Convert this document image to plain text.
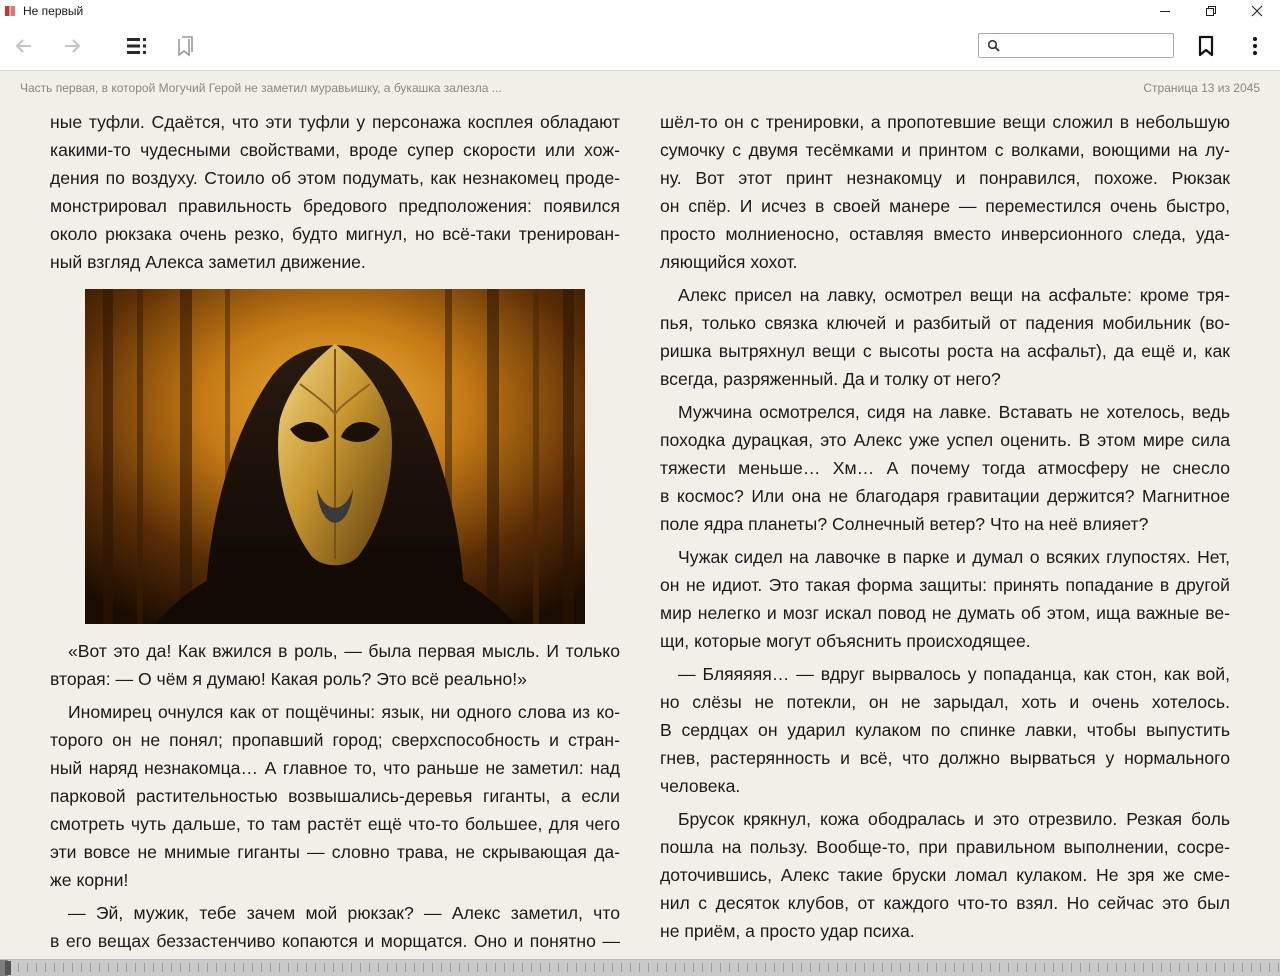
Не первый
Часть первая, в которой Могучий Герой не заметил муравьишку, а букашка залезла ...	Страница 13 из 2045
ные туфли. Сдаётся, что эти туфли у персонажа косплея обладают
какими-то чудесными свойствами, вроде супер скорости или хож-
дения по воздуху. Стоило об этом подумать, как незнакомец проде-
монстрировал правильность бредового предположения: появился
около рюкзака очень резко, будто мигнул, но всё-таки тренирован-
ный взгляд Алекса заметил движение.
«Вот это да! Как вжился в роль, — была первая мысль. И только
вторая: — О чём я думаю! Какая роль? Это всё реально!»
Иномирец очнулся как от пощёчины: язык, ни одного слова из ко-
торого он не понял; пропавший город; сверхспособность и стран-
ный наряд незнакомца… А главное то, что раньше не заметил: над
парковой растительностью возвышались-деревья гиганты, а если
смотреть чуть дальше, то там растёт ещё что-то большее, для чего
эти вовсе не мнимые гиганты — словно трава, не скрывающая да-
же корни!
— Эй, мужик, тебе зачем мой рюкзак? — Алекс заметил, что
в его вещах беззастенчиво копаются и морщатся. Оно и понятно —
шёл-то он с тренировки, а пропотевшие вещи сложил в небольшую
сумочку с двумя тесёмками и принтом с волками, воющими на лу-
ну. Вот этот принт незнакомцу и понравился, похоже. Рюкзак
он спёр. И исчез в своей манере — переместился очень быстро,
просто молниеносно, оставляя вместо инверсионного следа, уда-
ляющийся хохот.
Алекс присел на лавку, осмотрел вещи на асфальте: кроме тря-
пья, только связка ключей и разбитый от падения мобильник (во-
ришка вытряхнул вещи с высоты роста на асфальт), да ещё и, как
всегда, разряженный. Да и толку от него?
Мужчина осмотрелся, сидя на лавке. Вставать не хотелось, ведь
походка дурацкая, это Алекс уже успел оценить. В этом мире сила
тяжести меньше… Хм… А почему тогда атмосферу не снесло
в космос? Или она не благодаря гравитации держится? Магнитное
поле ядра планеты? Солнечный ветер? Что на неё влияет?
Чужак сидел на лавочке в парке и думал о всяких глупостях. Нет,
он не идиот. Это такая форма защиты: принять попадание в другой
мир нелегко и мозг искал повод не думать об этом, ища важные ве-
щи, которые могут объяснить происходящее.
— Бляяяяя… — вдруг вырвалось у попаданца, как стон, как вой,
но слёзы не потекли, он не зарыдал, хоть и очень хотелось.
В сердцах он ударил кулаком по спинке лавки, чтобы выпустить
гнев, растерянность и всё, что должно вырваться у нормального
человека.
Брусок крякнул, кожа ободралась и это отрезвило. Резкая боль
пошла на пользу. Вообще-то, при правильном выполнении, сосре-
доточившись, Алекс такие бруски ломал кулаком. Не зря же сме-
нил с десяток клубов, от каждого что-то взял. Но сейчас это был
не приём, а просто удар психа.
